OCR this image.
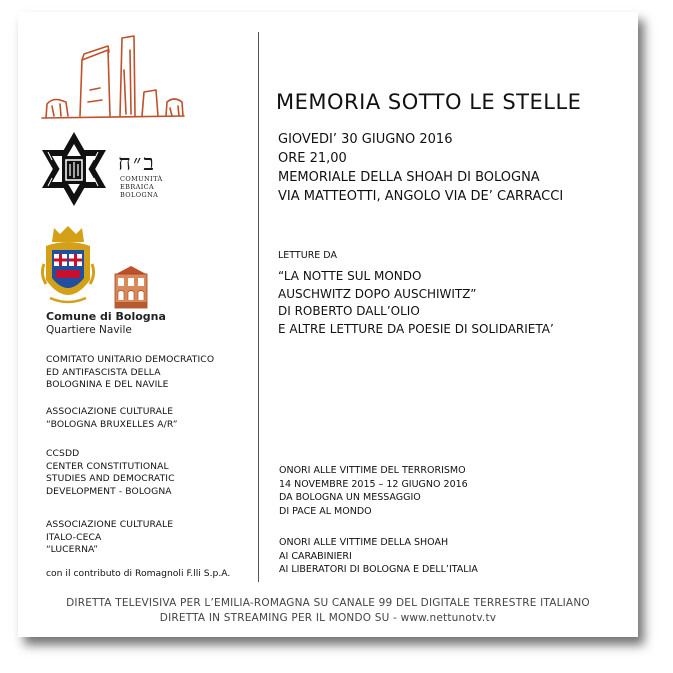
ב״ח
COMUNITÀ
EBRAICA
BOLOGNA
Comune di Bologna
Quartiere Navile
COMITATO UNITARIO DEMOCRATICO
ED ANTIFASCISTA DELLA
BOLOGNINA E DEL NAVILE
ASSOCIAZIONE CULTURALE
“BOLOGNA BRUXELLES A/R”
CCSDD
CENTER CONSTITUTIONAL
STUDIES AND DEMOCRATIC
DEVELOPMENT - BOLOGNA
ASSOCIAZIONE CULTURALE
ITALO-CECA
“LUCERNA”
con il contributo di Romagnoli F.lli S.p.A.
MEMORIA SOTTO LE STELLE
GIOVEDI’ 30 GIUGNO 2016
ORE 21,00
MEMORIALE DELLA SHOAH DI BOLOGNA
VIA MATTEOTTI, ANGOLO VIA DE’ CARRACCI
LETTURE DA
“LA NOTTE SUL MONDO
AUSCHWITZ DOPO AUSCHIWITZ”
DI ROBERTO DALL’OLIO
E ALTRE LETTURE DA POESIE DI SOLIDARIETA’
ONORI ALLE VITTIME DEL TERRORISMO
14 NOVEMBRE 2015 – 12 GIUGNO 2016
DA BOLOGNA UN MESSAGGIO
DI PACE AL MONDO
ONORI ALLE VITTIME DELLA SHOAH
AI CARABINIERI
AI LIBERATORI DI BOLOGNA E DELL’ITALIA
DIRETTA TELEVISIVA PER L’EMILIA-ROMAGNA SU CANALE 99 DEL DIGITALE TERRESTRE ITALIANO
DIRETTA IN STREAMING PER IL MONDO SU - www.nettunotv.tv
